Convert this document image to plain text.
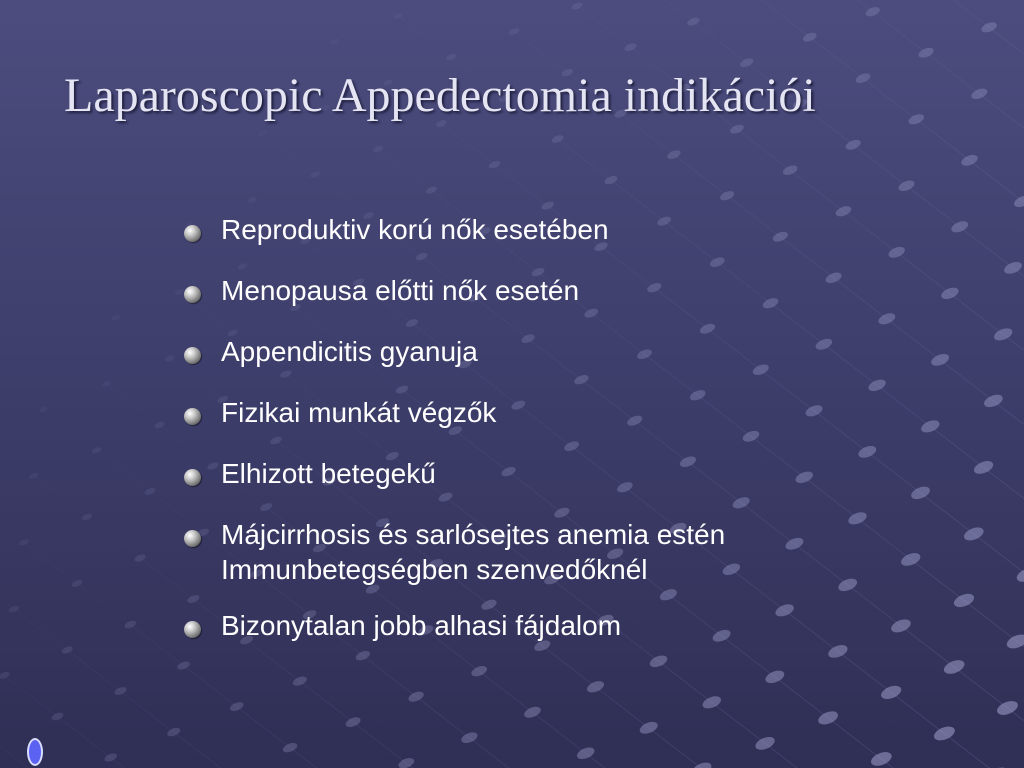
Laparoscopic Appedectomia indikációi
Reproduktiv korú nők esetében
Menopausa előtti nők esetén
Appendicitis gyanuja
Fizikai munkát végzők
Elhizott betegekű
Májcirrhosis és sarlósejtes anemia estén
Immunbetegségben szenvedőknél
Bizonytalan jobb alhasi fájdalom
